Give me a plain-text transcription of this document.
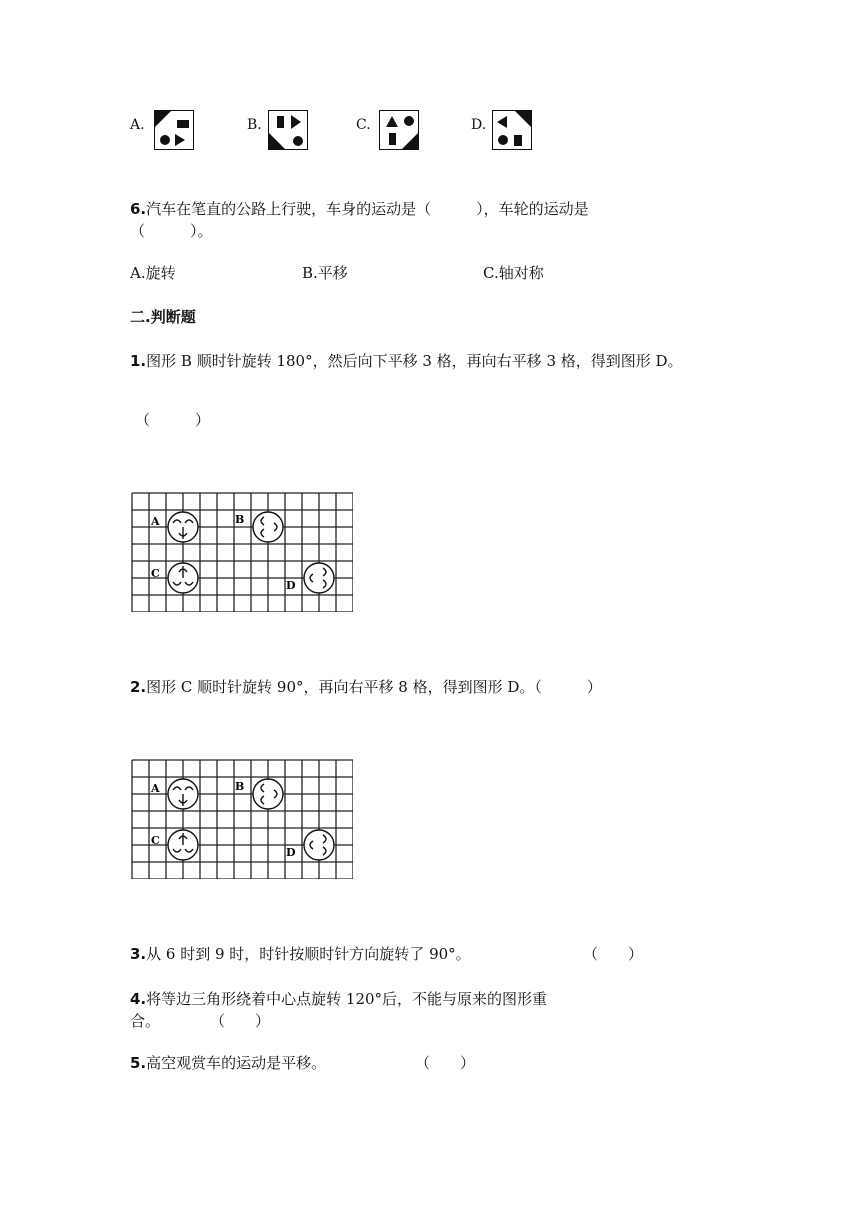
A.	B.	C.	D.
6.汽车在笔直的公路上行驶，车身的运动是（　　　），车轮的运动是
（　　　）。
A.旋转	B.平移	C.轴对称
二.判断题
1.图形 B 顺时针旋转 180°，然后向下平移 3 格，再向右平移 3 格，得到图形 D。
（　　　）
A	B
C
D
2.图形 C 顺时针旋转 90°，再向右平移 8 格，得到图形 D。（　　　）
A	B
C
D
3.从 6 时到 9 时，时针按顺时针方向旋转了 90°。	（　　）
4.将等边三角形绕着中心点旋转 120°后，不能与原来的图形重
合。	（　　）
5.高空观赏车的运动是平移。	（　　）
